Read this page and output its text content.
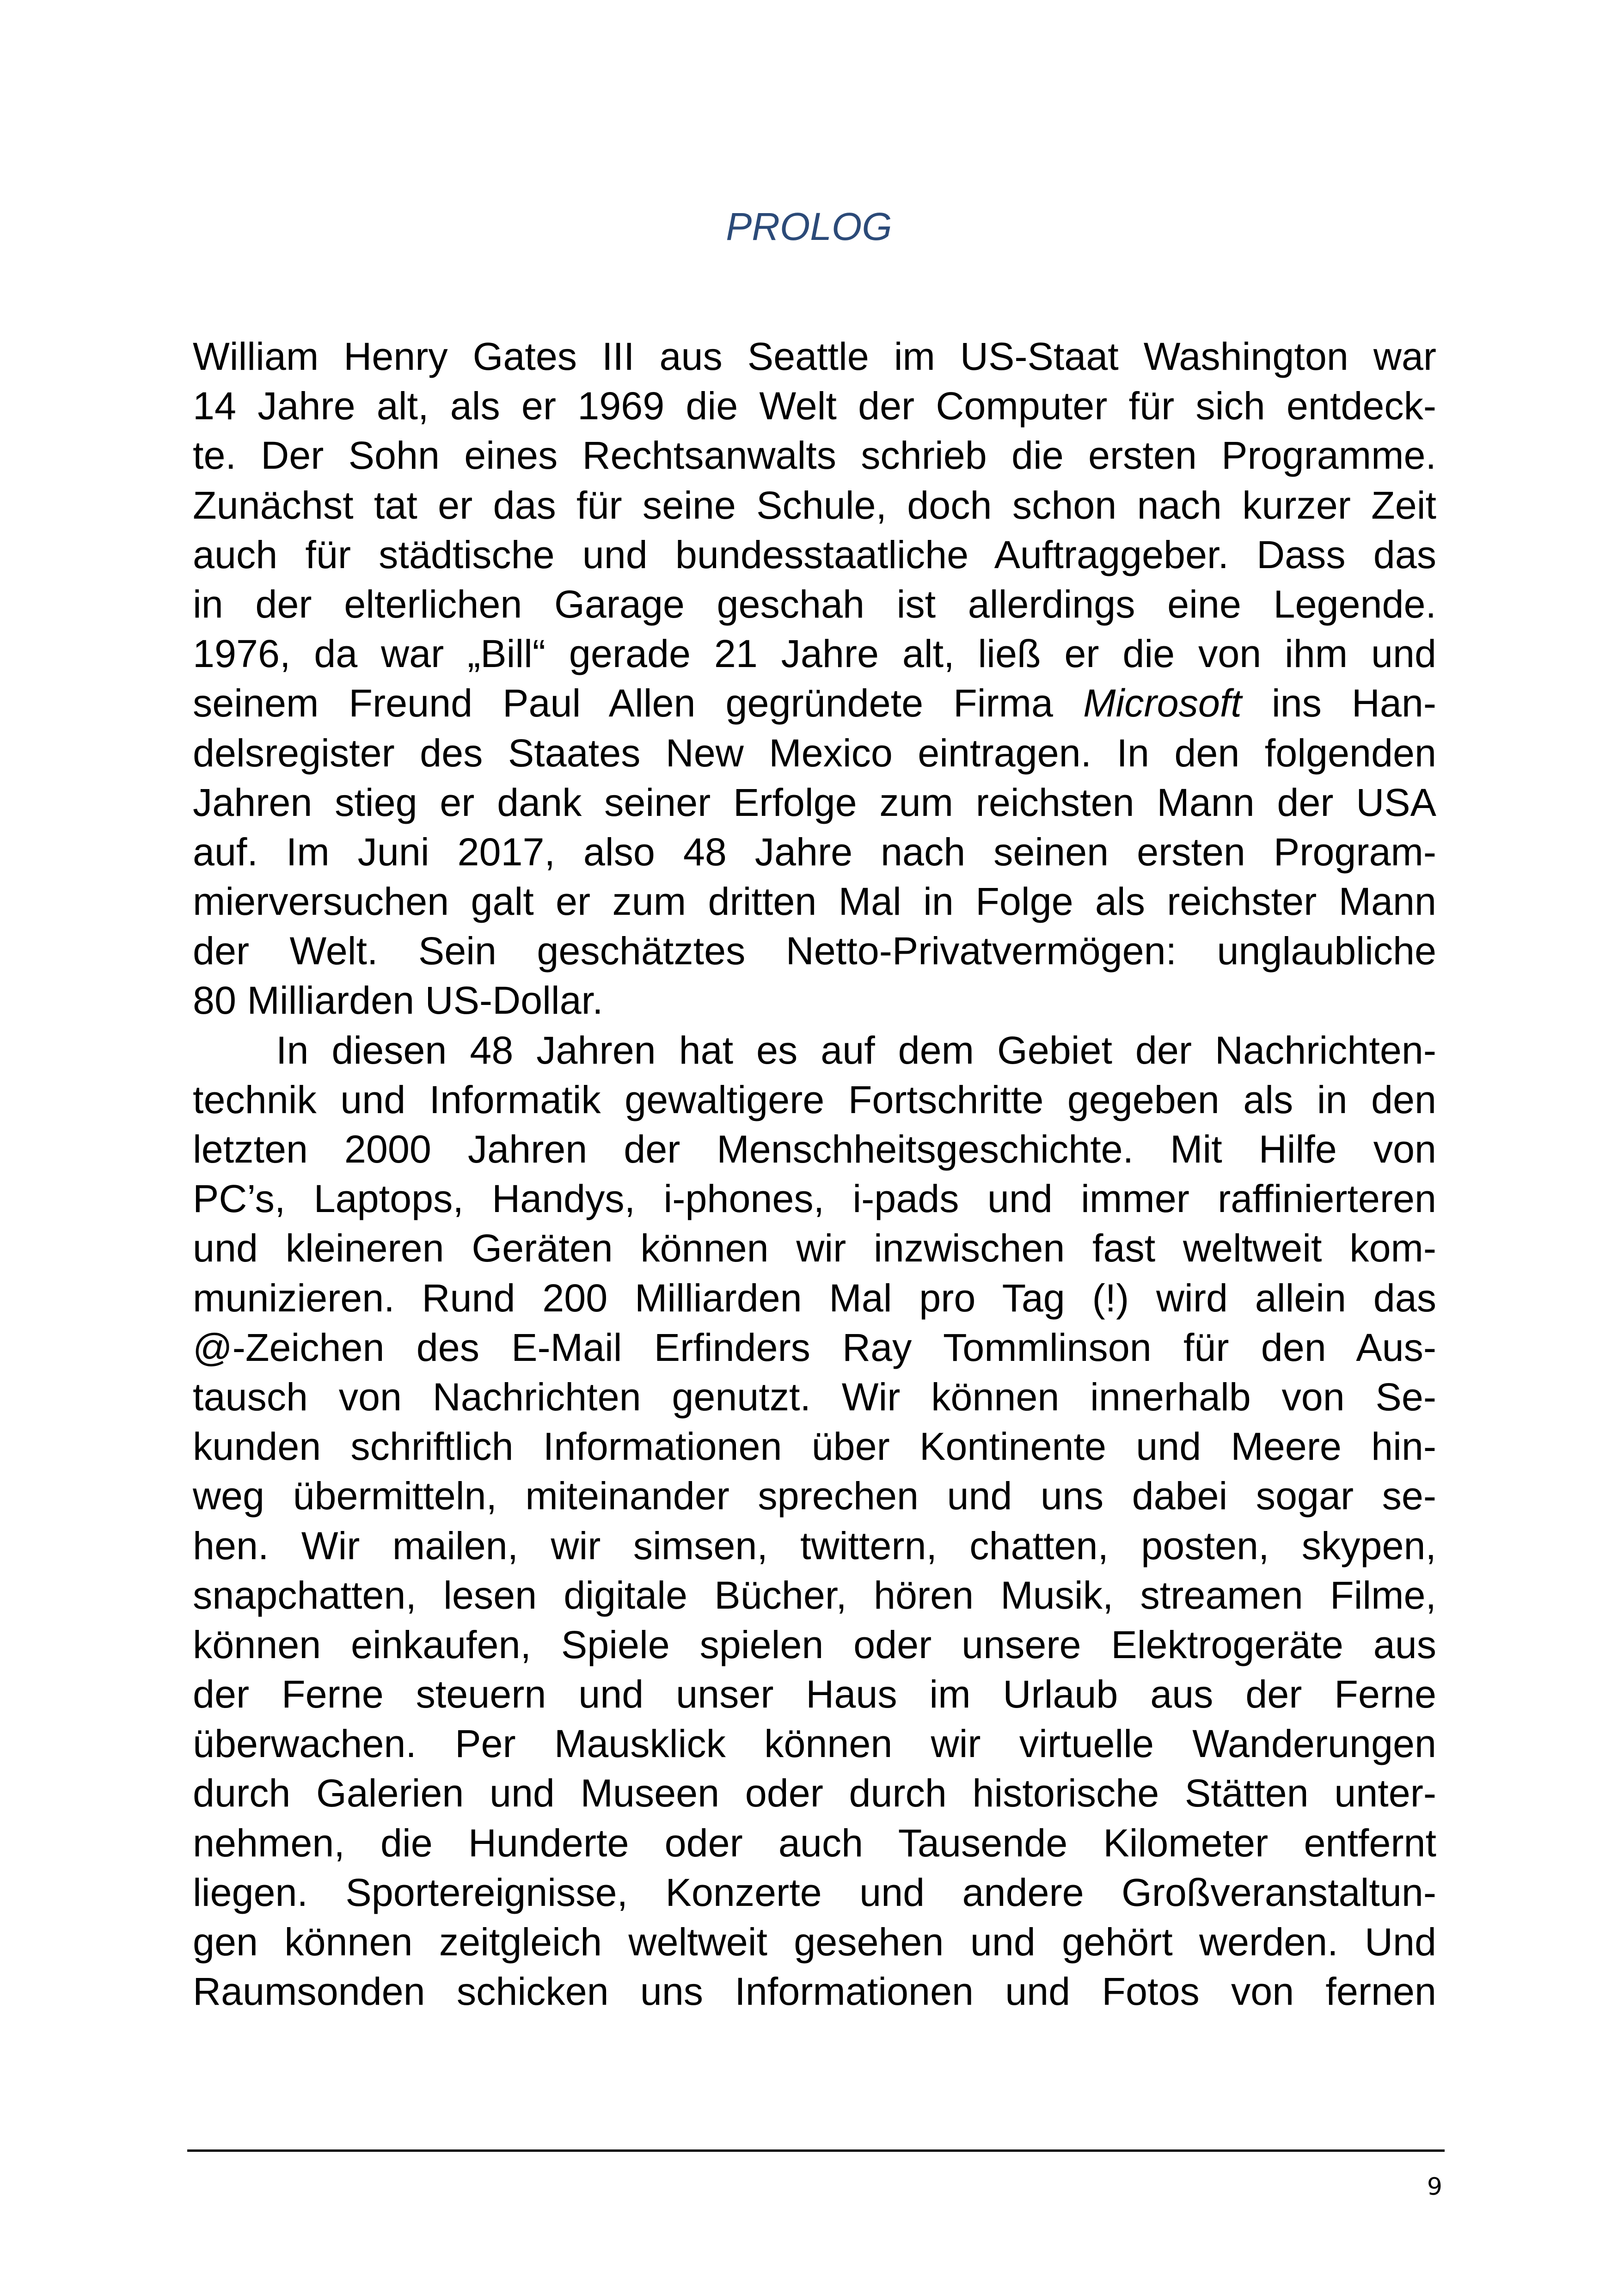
PROLOG
William Henry Gates III aus Seattle im US-Staat Washington war
14 Jahre alt, als er 1969 die Welt der Computer für sich entdeck-
te. Der Sohn eines Rechtsanwalts schrieb die ersten Programme.
Zunächst tat er das für seine Schule, doch schon nach kurzer Zeit
auch für städtische und bundesstaatliche Auftraggeber. Dass das
in der elterlichen Garage geschah ist allerdings eine Legende.
1976, da war „Bill“ gerade 21 Jahre alt, ließ er die von ihm und
seinem Freund Paul Allen gegründete Firma Microsoft ins Han-
delsregister des Staates New Mexico eintragen. In den folgenden
Jahren stieg er dank seiner Erfolge zum reichsten Mann der USA
auf. Im Juni 2017, also 48 Jahre nach seinen ersten Program-
mierversuchen galt er zum dritten Mal in Folge als reichster Mann
der Welt. Sein geschätztes Netto-Privatvermögen: unglaubliche
80 Milliarden US-Dollar.
In diesen 48 Jahren hat es auf dem Gebiet der Nachrichten-
technik und Informatik gewaltigere Fortschritte gegeben als in den
letzten 2000 Jahren der Menschheitsgeschichte. Mit Hilfe von
PC’s, Laptops, Handys, i-phones, i-pads und immer raffinierteren
und kleineren Geräten können wir inzwischen fast weltweit kom-
munizieren. Rund 200 Milliarden Mal pro Tag (!) wird allein das
@-Zeichen des E-Mail Erfinders Ray Tommlinson für den Aus-
tausch von Nachrichten genutzt. Wir können innerhalb von Se-
kunden schriftlich Informationen über Kontinente und Meere hin-
weg übermitteln, miteinander sprechen und uns dabei sogar se-
hen. Wir mailen, wir simsen, twittern, chatten, posten, skypen,
snapchatten, lesen digitale Bücher, hören Musik, streamen Filme,
können einkaufen, Spiele spielen oder unsere Elektrogeräte aus
der Ferne steuern und unser Haus im Urlaub aus der Ferne
überwachen. Per Mausklick können wir virtuelle Wanderungen
durch Galerien und Museen oder durch historische Stätten unter-
nehmen, die Hunderte oder auch Tausende Kilometer entfernt
liegen. Sportereignisse, Konzerte und andere Großveranstaltun-
gen können zeitgleich weltweit gesehen und gehört werden. Und
Raumsonden schicken uns Informationen und Fotos von fernen
9
